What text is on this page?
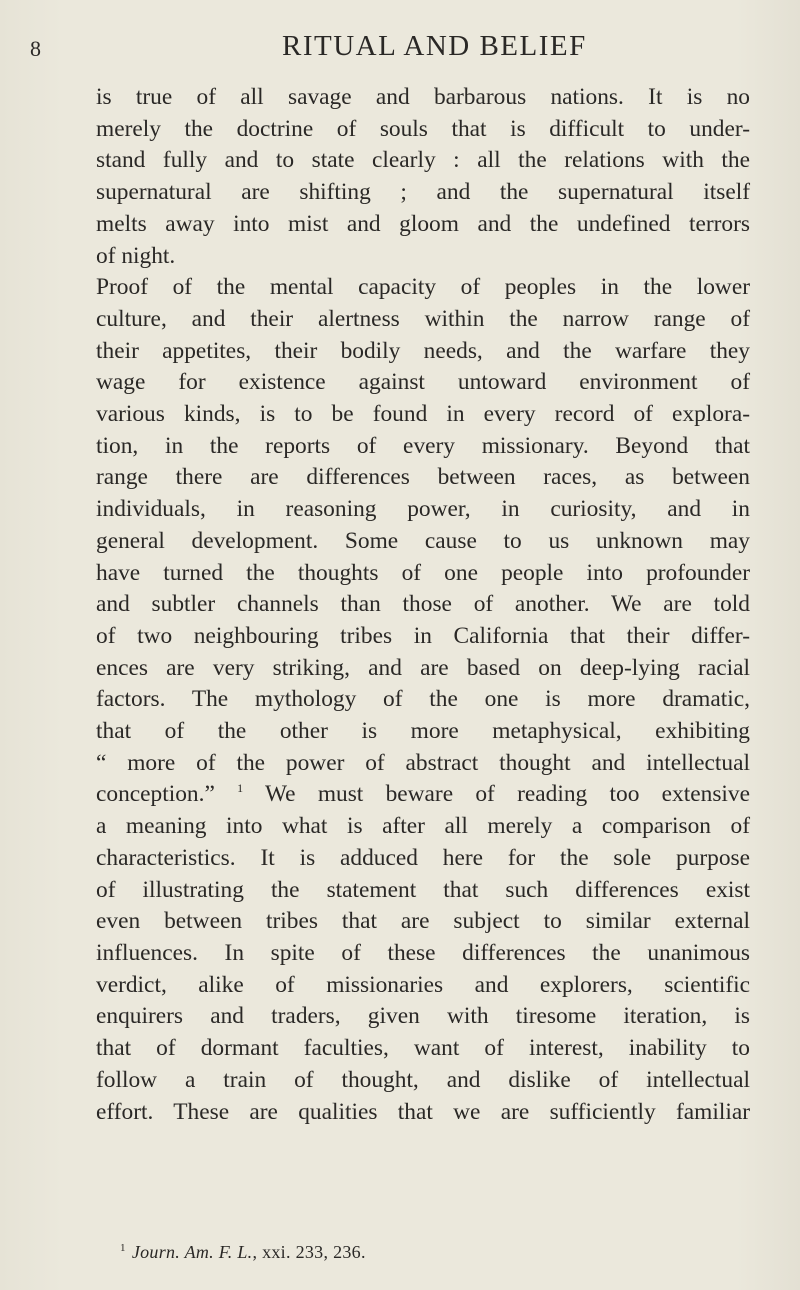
8	RITUAL AND BELIEF

is true of all savage and barbarous nations. It is no

merely the doctrine of souls that is difficult to under-

stand fully and to state clearly : all the relations with the

supernatural are shifting ; and the supernatural itself

melts away into mist and gloom and the undefined terrors

of night.

Proof of the mental capacity of peoples in the lower

culture, and their alertness within the narrow range of

their appetites, their bodily needs, and the warfare they

wage for existence against untoward environment of

various kinds, is to be found in every record of explora-

tion, in the reports of every missionary. Beyond that

range there are differences between races, as between

individuals, in reasoning power, in curiosity, and in

general development. Some cause to us unknown may

have turned the thoughts of one people into profounder

and subtler channels than those of another. We are told

of two neighbouring tribes in California that their differ-

ences are very striking, and are based on deep-lying racial

factors. The mythology of the one is more dramatic,

that of the other is more metaphysical, exhibiting

“ more of the power of abstract thought and intellectual

conception.” $^1$ We must beware of reading too extensive

a meaning into what is after all merely a comparison of

characteristics. It is adduced here for the sole purpose

of illustrating the statement that such differences exist

even between tribes that are subject to similar external

influences. In spite of these differences the unanimous

verdict, alike of missionaries and explorers, scientific

enquirers and traders, given with tiresome iteration, is

that of dormant faculties, want of interest, inability to

follow a train of thought, and dislike of intellectual

effort. These are qualities that we are sufficiently familiar

$^1$ Journ. Am. F. L., xxi. 233, 236.
